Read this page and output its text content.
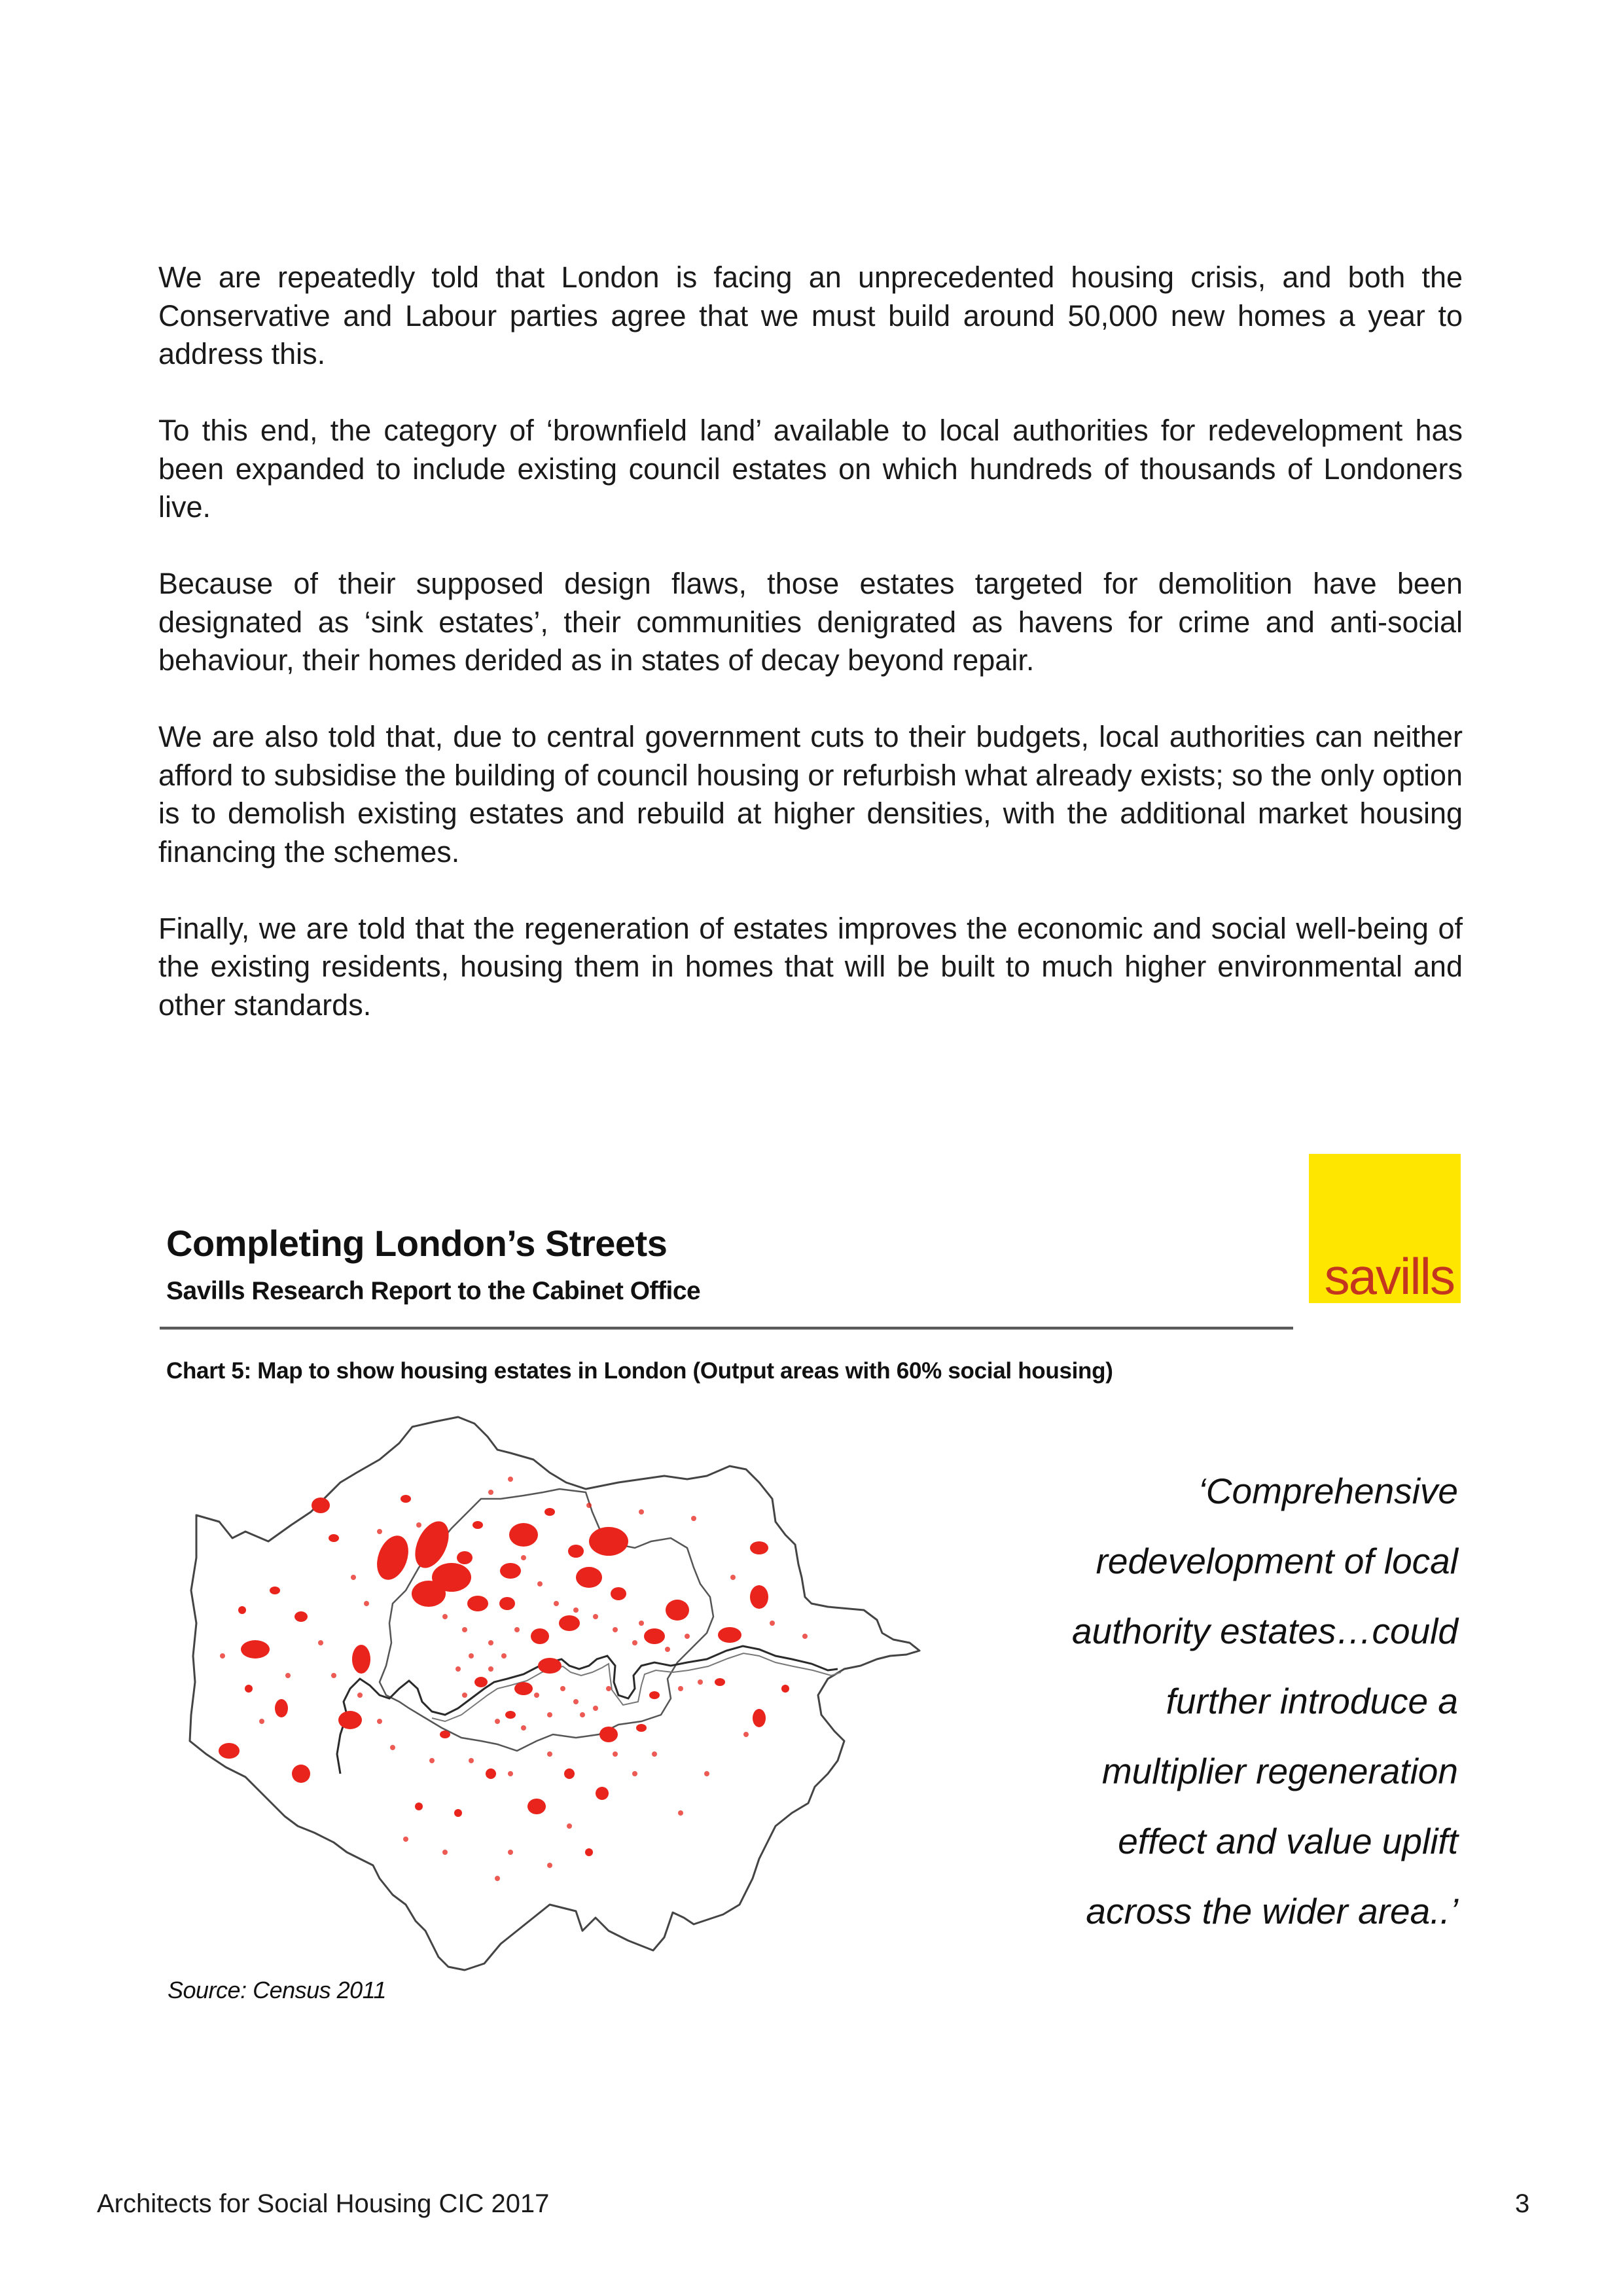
We are repeatedly told that London is facing an unprecedented housing crisis, and both the Conservative and Labour parties agree that we must build around 50,000 new homes a year to address this.

To this end, the category of ‘brownfield land’ available to local authorities for redevelopment has been expanded to include existing council estates on which hundreds of thousands of Londoners live.

Because of their supposed design flaws, those estates targeted for demolition have been designated as ‘sink estates’, their communities denigrated as havens for crime and anti-social behaviour, their homes derided as in states of decay beyond repair.

We are also told that, due to central government cuts to their budgets, local authorities can neither afford to subsidise the building of council housing or refurbish what already exists; so the only option is to demolish existing estates and rebuild at higher densities, with the additional market housing financing the schemes.

Finally, we are told that the regeneration of estates improves the economic and social well-being of the existing residents, housing them in homes that will be built to much higher environmental and other standards.

savills
Completing London’s Streets
Savills Research Report to the Cabinet Office
Chart 5: Map to show housing estates in London (Output areas with 60% social housing)
‘Comprehensive
redevelopment of local
authority estates…could
further introduce a
multiplier regeneration
effect and value uplift
across the wider area..’
Source: Census 2011
Architects for Social Housing CIC 2017	3
